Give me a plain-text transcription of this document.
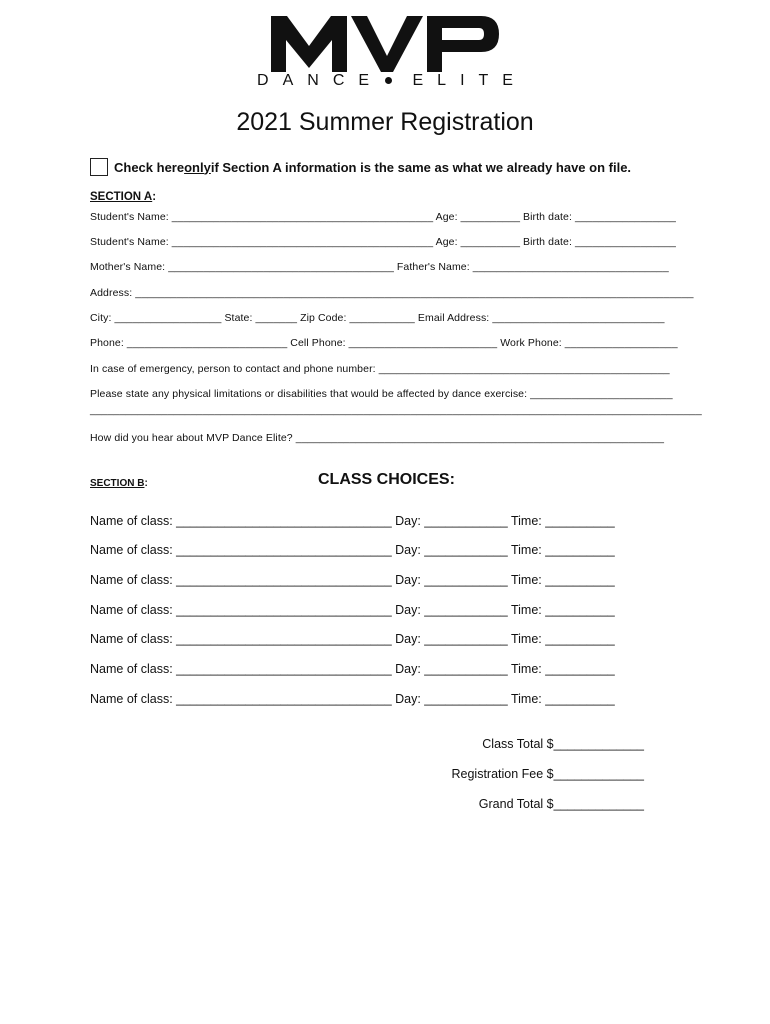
DANCE ELITE
2021 Summer Registration
Check here only if Section A information is the same as what we already have on file.
SECTION A:
Student's Name: ____________________________________________ Age: __________ Birth date: _________________
Student's Name: ____________________________________________ Age: __________ Birth date: _________________
Mother's Name: ______________________________________ Father's Name: _________________________________
Address: ______________________________________________________________________________________________
City: __________________ State: _______ Zip Code: ___________ Email Address: _____________________________
Phone: ___________________________ Cell Phone: _________________________ Work Phone: ___________________
In case of emergency, person to contact and phone number: _________________________________________________
Please state any physical limitations or disabilities that would be affected by dance exercise: ________________________
_______________________________________________________________________________________________________
How did you hear about MVP Dance Elite? ______________________________________________________________
SECTION B:	CLASS CHOICES:
Name of class: _______________________________ Day: ____________ Time: __________
Name of class: _______________________________ Day: ____________ Time: __________
Name of class: _______________________________ Day: ____________ Time: __________
Name of class: _______________________________ Day: ____________ Time: __________
Name of class: _______________________________ Day: ____________ Time: __________
Name of class: _______________________________ Day: ____________ Time: __________
Name of class: _______________________________ Day: ____________ Time: __________
Class Total $_____________
Registration Fee $_____________
Grand Total $_____________
